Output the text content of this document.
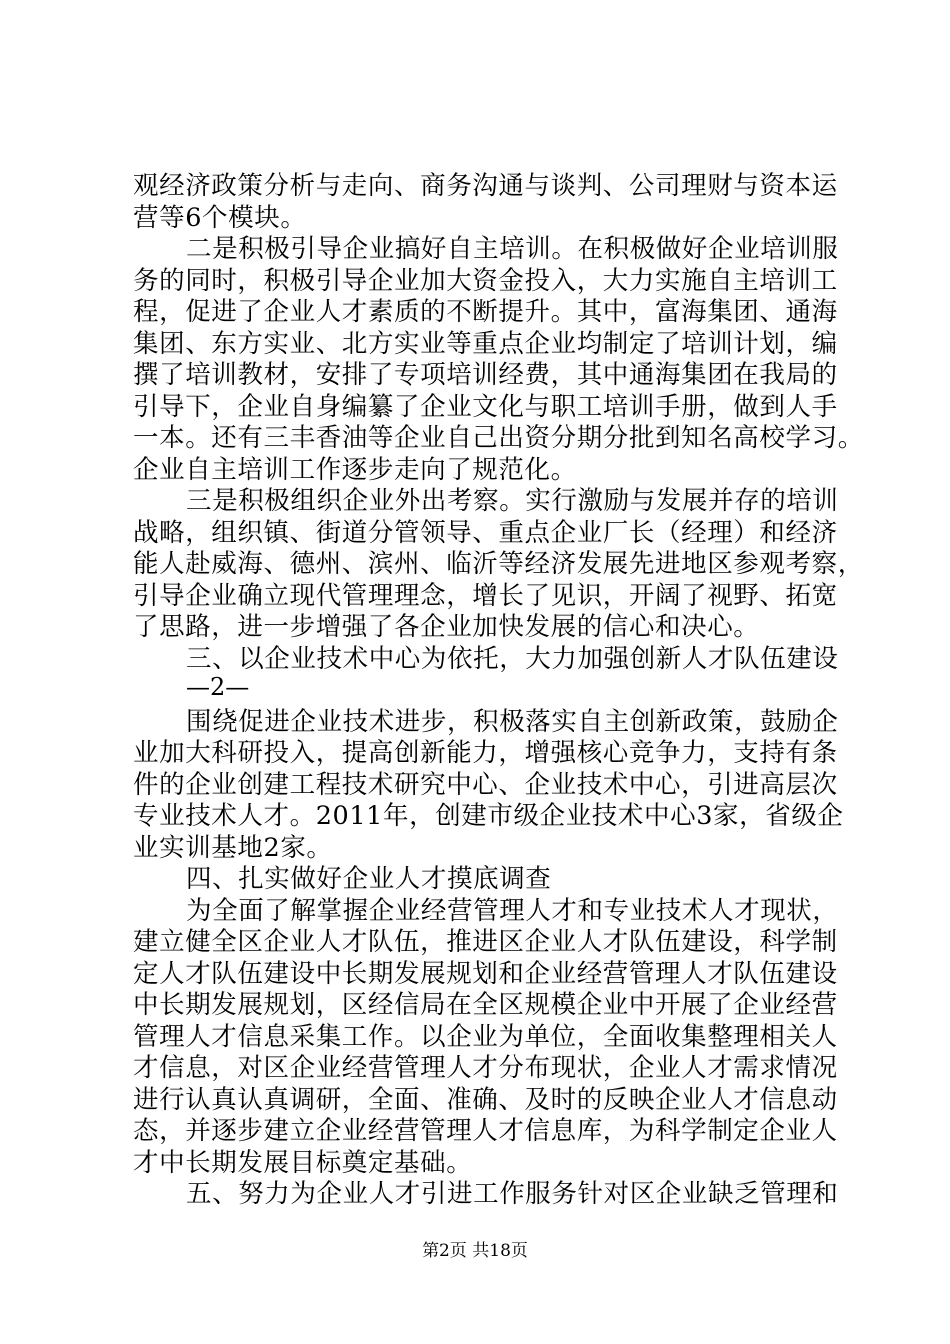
观经济政策分析与走向、商务沟通与谈判、公司理财与资本运
营等6个模块。
二是积极引导企业搞好自主培训。在积极做好企业培训服
务的同时，积极引导企业加大资金投入，大力实施自主培训工
程，促进了企业人才素质的不断提升。其中，富海集团、通海
集团、东方实业、北方实业等重点企业均制定了培训计划，编
撰了培训教材，安排了专项培训经费，其中通海集团在我局的
引导下，企业自身编纂了企业文化与职工培训手册，做到人手
一本。还有三丰香油等企业自己出资分期分批到知名高校学习。
企业自主培训工作逐步走向了规范化。
三是积极组织企业外出考察。实行激励与发展并存的培训
战略，组织镇、街道分管领导、重点企业厂长（经理）和经济
能人赴威海、德州、滨州、临沂等经济发展先进地区参观考察，
引导企业确立现代管理理念，增长了见识，开阔了视野、拓宽
了思路，进一步增强了各企业加快发展的信心和决心。
三、以企业技术中心为依托，大力加强创新人才队伍建设
—2—
围绕促进企业技术进步，积极落实自主创新政策，鼓励企
业加大科研投入，提高创新能力，增强核心竞争力，支持有条
件的企业创建工程技术研究中心、企业技术中心，引进高层次
专业技术人才。2011年，创建市级企业技术中心3家，省级企
业实训基地2家。
四、扎实做好企业人才摸底调查
为全面了解掌握企业经营管理人才和专业技术人才现状，
建立健全区企业人才队伍，推进区企业人才队伍建设，科学制
定人才队伍建设中长期发展规划和企业经营管理人才队伍建设
中长期发展规划，区经信局在全区规模企业中开展了企业经营
管理人才信息采集工作。以企业为单位，全面收集整理相关人
才信息，对区企业经营管理人才分布现状，企业人才需求情况
进行认真认真调研，全面、准确、及时的反映企业人才信息动
态，并逐步建立企业经营管理人才信息库，为科学制定企业人
才中长期发展目标奠定基础。
五、努力为企业人才引进工作服务针对区企业缺乏管理和
第2页 共18页
